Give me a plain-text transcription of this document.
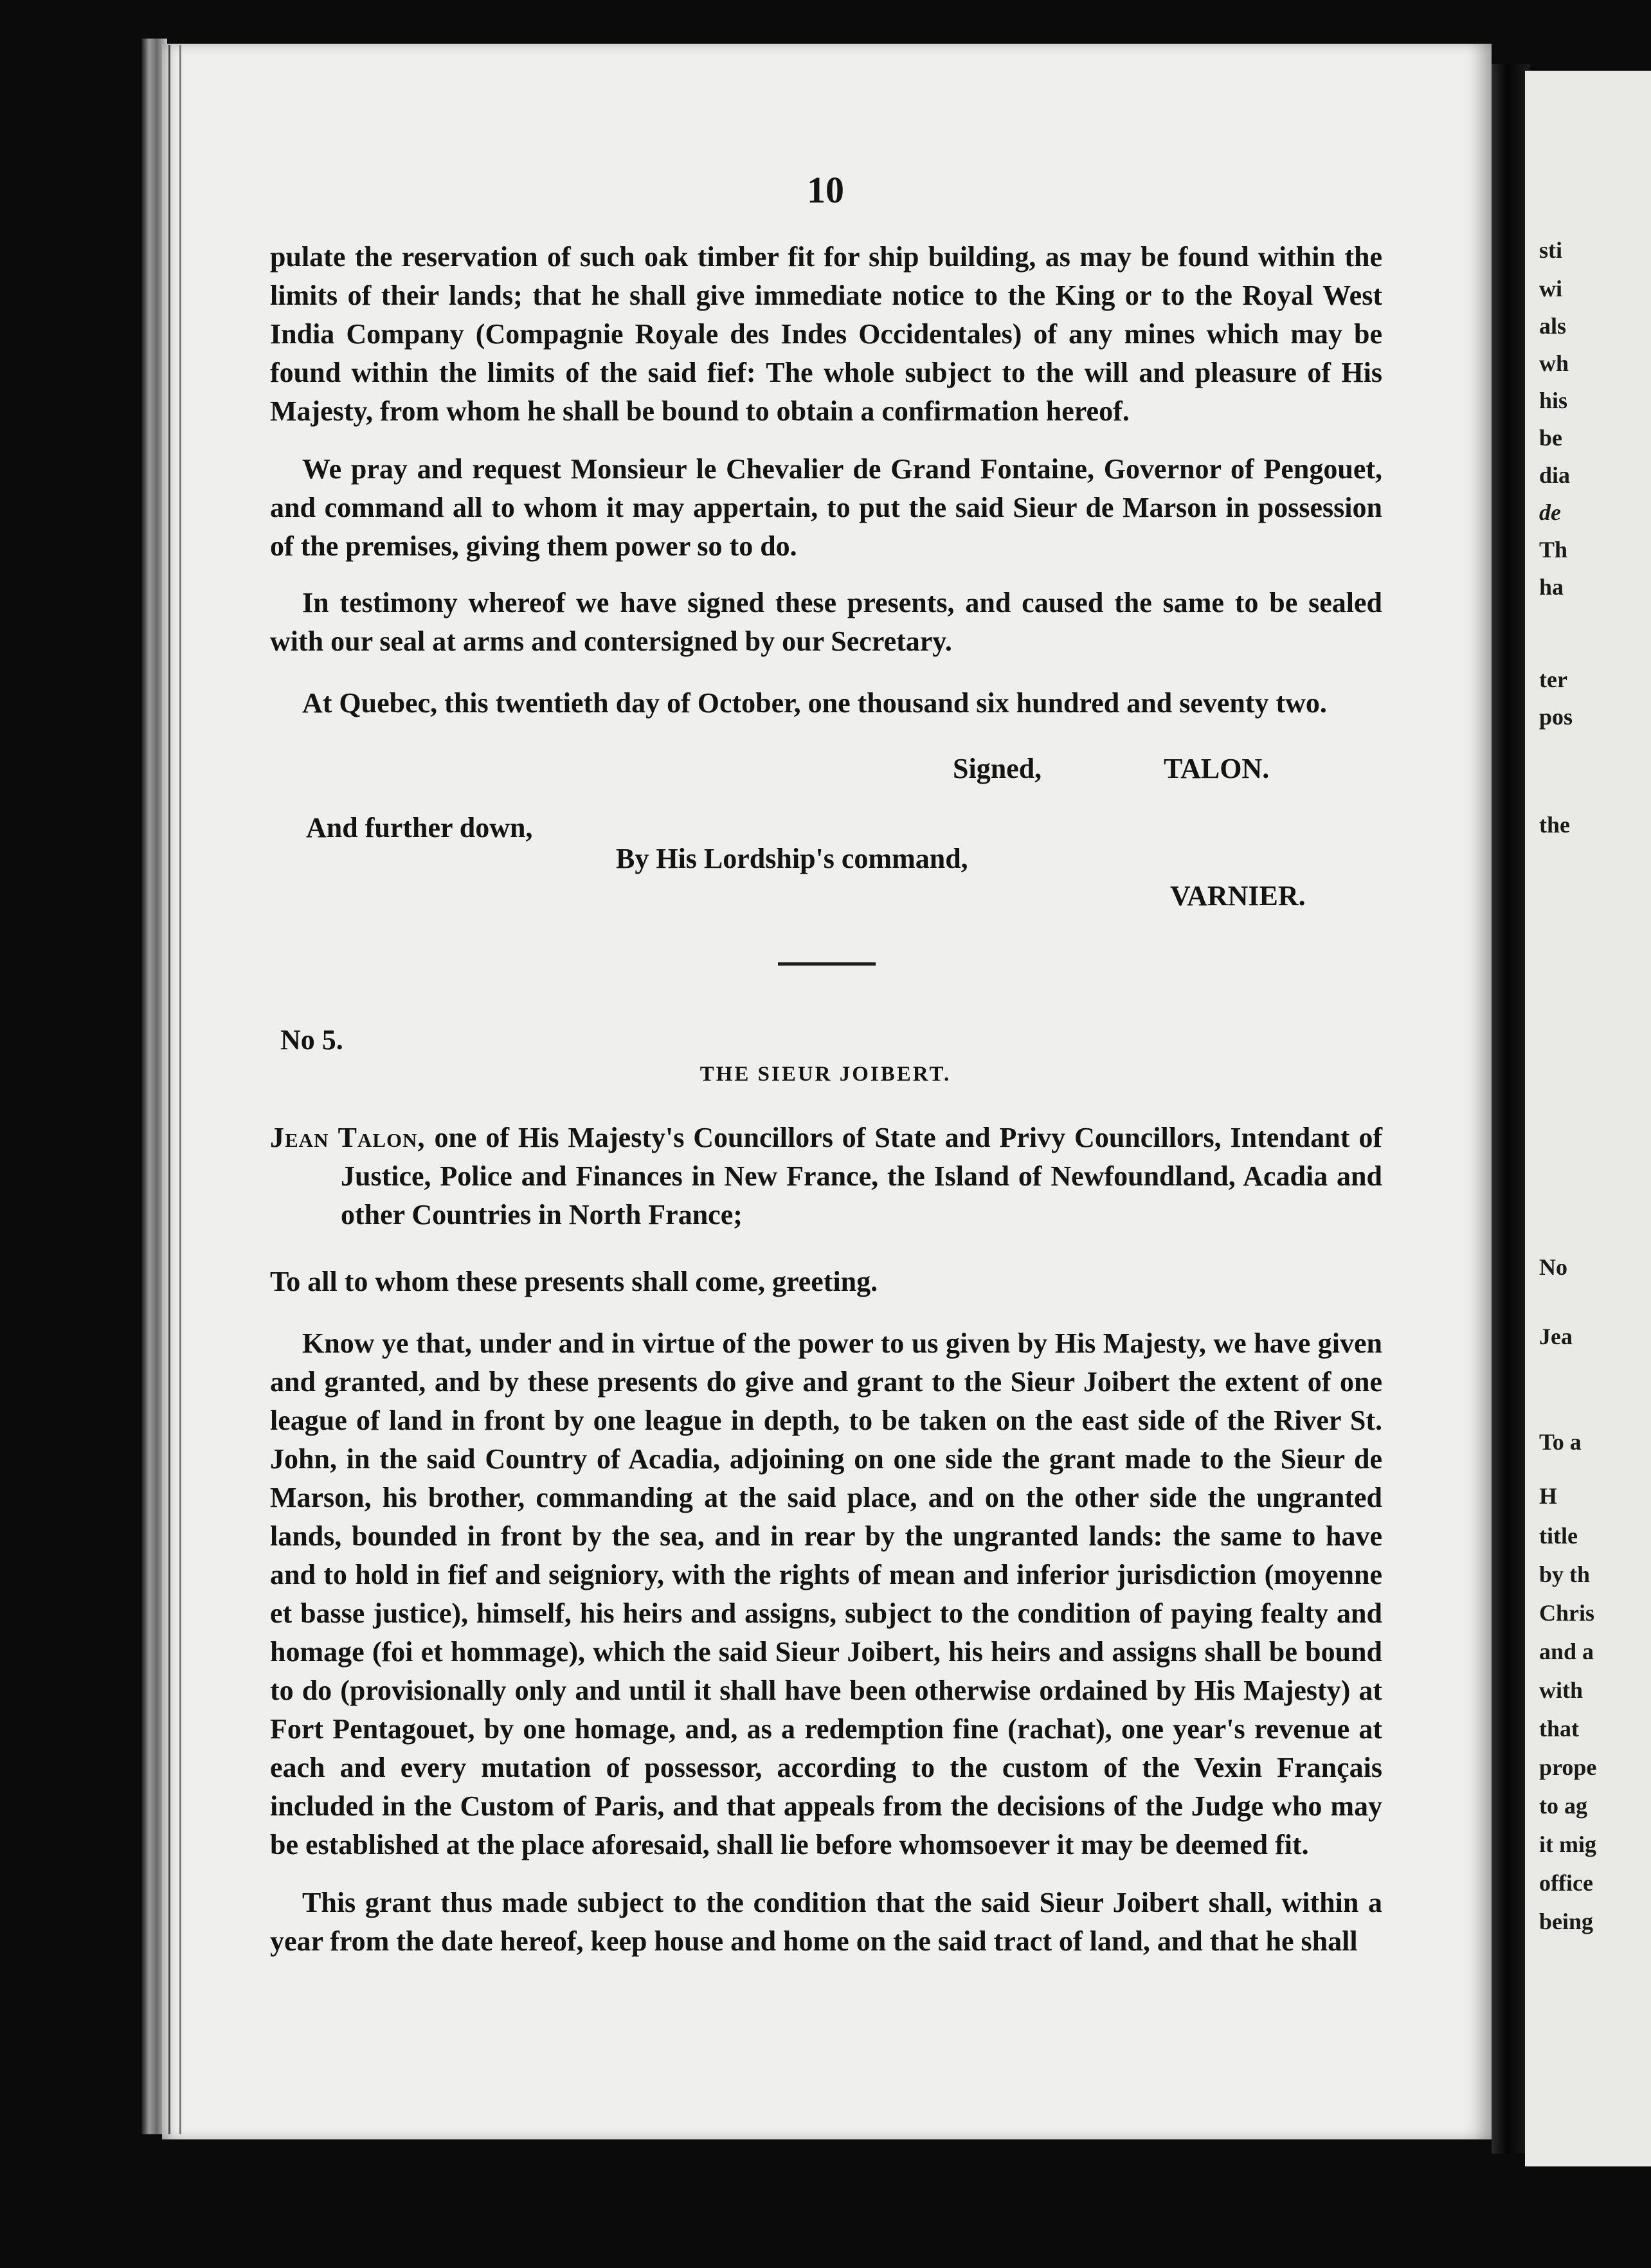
sti
wi
als
wh
his
be
dia
de
Th
ha
ter
pos
the
No
Jea
To a
H
title
by th
Chris
and a
with
that
prope
to ag
it mig
office
being
10

pulate the reservation of such oak timber fit for ship building, as may be found within the limits of their lands; that he shall give immediate notice to the King or to the Royal West India Company (Compagnie Royale des Indes Occidentales) of any mines which may be found within the limits of the said fief: The whole subject to the will and pleasure of His Majesty, from whom he shall be bound to obtain a confirmation hereof.

We pray and request Monsieur le Chevalier de Grand Fontaine, Governor of Pengouet, and command all to whom it may appertain, to put the said Sieur de Marson in possession of the premises, giving them power so to do.

In testimony whereof we have signed these presents, and caused the same to be sealed with our seal at arms and contersigned by our Secretary.

At Quebec, this twentieth day of October, one thousand six hundred and seventy two.

Signed,	TALON.
And further down,
By His Lordship's command,
VARNIER.
No 5.
THE SIEUR JOIBERT.

Jean Talon, one of His Majesty's Councillors of State and Privy Councillors, Intendant of Justice, Police and Finances in New France, the Island of Newfoundland, Acadia and other Countries in North France;

To all to whom these presents shall come, greeting.

Know ye that, under and in virtue of the power to us given by His Majesty, we have given and granted, and by these presents do give and grant to the Sieur Joibert the extent of one league of land in front by one league in depth, to be taken on the east side of the River St. John, in the said Country of Acadia, adjoining on one side the grant made to the Sieur de Marson, his brother, commanding at the said place, and on the other side the ungranted lands, bounded in front by the sea, and in rear by the ungranted lands: the same to have and to hold in fief and seigniory, with the rights of mean and inferior jurisdiction (moyenne et basse justice), himself, his heirs and assigns, subject to the condition of paying fealty and homage (foi et hommage), which the said Sieur Joibert, his heirs and assigns shall be bound to do (provisionally only and until it shall have been otherwise ordained by His Majesty) at Fort Pentagouet, by one homage, and, as a redemption fine (rachat), one year's revenue at each and every mutation of possessor, according to the custom of the Vexin Français included in the Custom of Paris, and that appeals from the decisions of the Judge who may be established at the place aforesaid, shall lie before whomsoever it may be deemed fit.

This grant thus made subject to the condition that the said Sieur Joibert shall, within a year from the date hereof, keep house and home on the said tract of land, and that he shall
